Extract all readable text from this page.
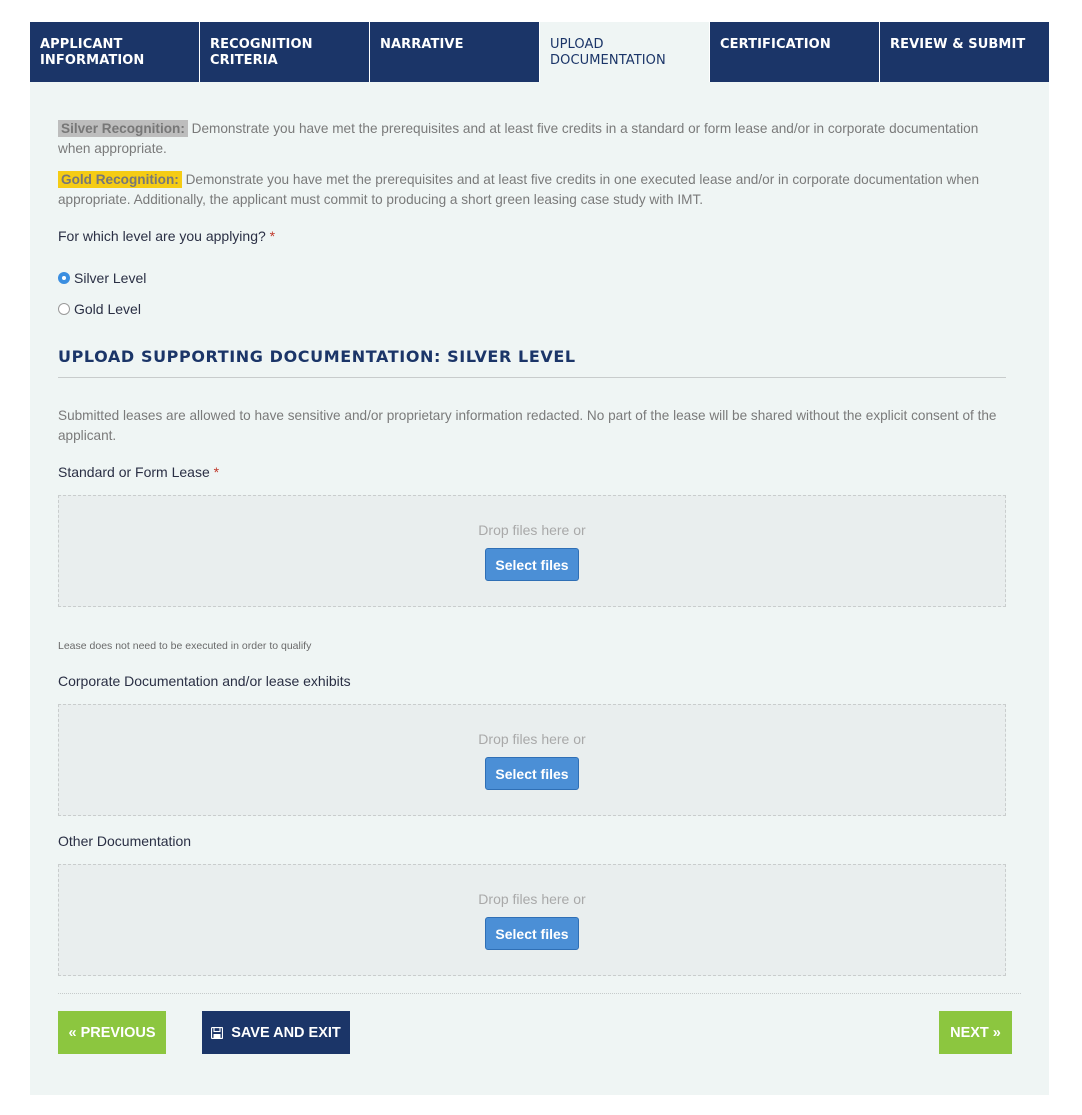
APPLICANT INFORMATION
RECOGNITION CRITERIA
NARRATIVE	UPLOAD DOCUMENTATION
CERTIFICATION	REVIEW & SUBMIT
Silver Recognition: Demonstrate you have met the prerequisites and at least five credits in a standard or form lease and/or in corporate documentation when appropriate.
Gold Recognition: Demonstrate you have met the prerequisites and at least five credits in one executed lease and/or in corporate documentation when appropriate. Additionally, the applicant must commit to producing a short green leasing case study with IMT.
For which level are you applying? *
Silver Level
Gold Level
UPLOAD SUPPORTING DOCUMENTATION: SILVER LEVEL
Submitted leases are allowed to have sensitive and/or proprietary information redacted. No part of the lease will be shared without the explicit consent of the applicant.
Standard or Form Lease *
Drop files here or
Select files
Lease does not need to be executed in order to qualify
Corporate Documentation and/or lease exhibits
Drop files here or
Select files
Other Documentation
Drop files here or
Select files
« PREVIOUS	SAVE AND EXIT	NEXT »
